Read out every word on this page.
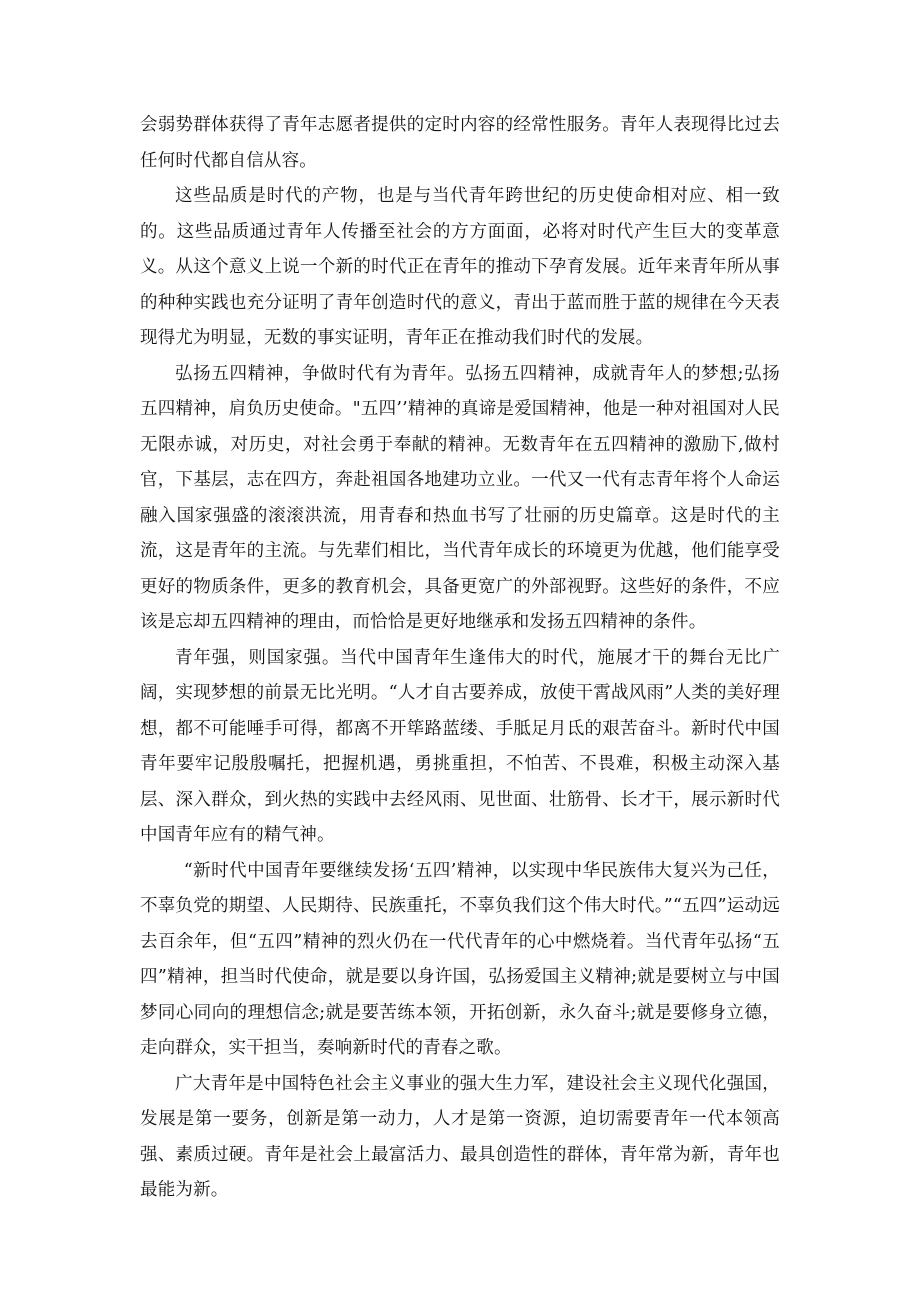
会弱势群体获得了青年志愿者提供的定时内容的经常性服务。青年人表现得比过去任何时代都自信从容。

这些品质是时代的产物，也是与当代青年跨世纪的历史使命相对应、相一致的。这些品质通过青年人传播至社会的方方面面，必将对时代产生巨大的变革意义。从这个意义上说一个新的时代正在青年的推动下孕育发展。近年来青年所从事的种种实践也充分证明了青年创造时代的意义，青出于蓝而胜于蓝的规律在今天表现得尤为明显，无数的事实证明，青年正在推动我们时代的发展。

弘扬五四精神，争做时代有为青年。弘扬五四精神，成就青年人的梦想;弘扬五四精神，肩负历史使命。"五四’’精神的真谛是爱国精神，他是一种对祖国对人民无限赤诚，对历史，对社会勇于奉献的精神。无数青年在五四精神的激励下,做村官，下基层，志在四方，奔赴祖国各地建功立业。一代又一代有志青年将个人命运融入国家强盛的滚滚洪流，用青春和热血书写了壮丽的历史篇章。这是时代的主流，这是青年的主流。与先辈们相比，当代青年成长的环境更为优越，他们能享受更好的物质条件，更多的教育机会，具备更宽广的外部视野。这些好的条件，不应该是忘却五四精神的理由，而恰恰是更好地继承和发扬五四精神的条件。

青年强，则国家强。当代中国青年生逢伟大的时代，施展才干的舞台无比广阔，实现梦想的前景无比光明。“人才自古要养成，放使干霄战风雨”人类的美好理想，都不可能唾手可得，都离不开筚路蓝缕、手胝足月氐的艰苦奋斗。新时代中国青年要牢记殷殷嘱托，把握机遇，勇挑重担，不怕苦、不畏难，积极主动深入基层、深入群众，到火热的实践中去经风雨、见世面、壮筋骨、长才干，展示新时代中国青年应有的精气神。

“新时代中国青年要继续发扬‘五四’精神，以实现中华民族伟大复兴为己任，不辜负党的期望、人民期待、民族重托，不辜负我们这个伟大时代。”“五四”运动远去百余年，但“五四”精神的烈火仍在一代代青年的心中燃烧着。当代青年弘扬“五四”精神，担当时代使命，就是要以身许国，弘扬爱国主义精神;就是要树立与中国梦同心同向的理想信念;就是要苦练本领，开拓创新，永久奋斗;就是要修身立德，走向群众，实干担当，奏响新时代的青春之歌。

广大青年是中国特色社会主义事业的强大生力军，建设社会主义现代化强国，发展是第一要务，创新是第一动力，人才是第一资源，迫切需要青年一代本领高强、素质过硬。青年是社会上最富活力、最具创造性的群体，青年常为新，青年也最能为新。
